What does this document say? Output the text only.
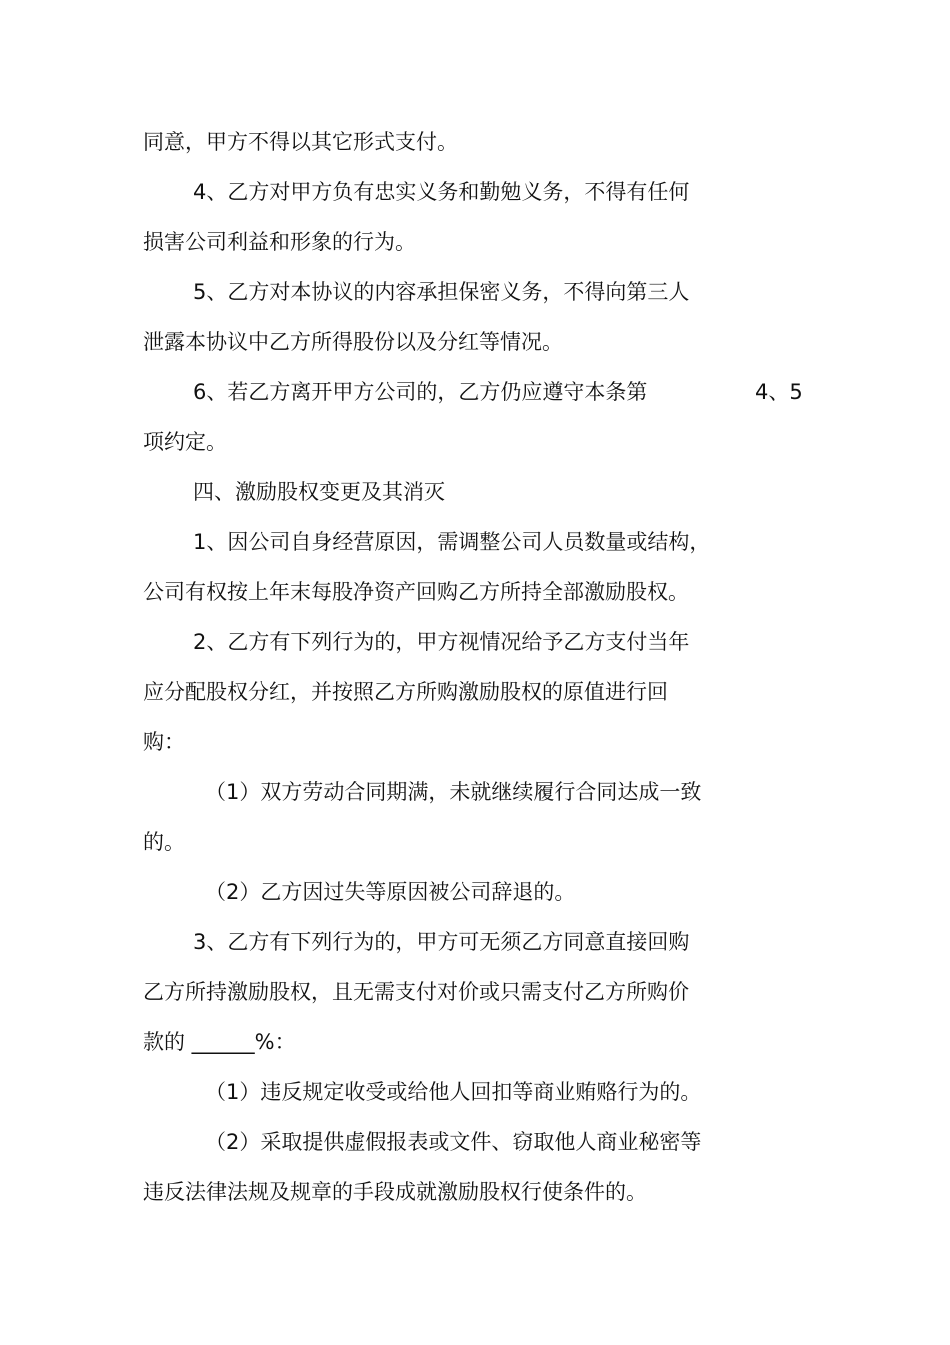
同意，甲方不得以其它形式支付。
4、乙方对甲方负有忠实义务和勤勉义务，不得有任何
损害公司利益和形象的行为。
5、乙方对本协议的内容承担保密义务，不得向第三人
泄露本协议中乙方所得股份以及分红等情况。
6、若乙方离开甲方公司的，乙方仍应遵守本条第	4、5
项约定。
四、激励股权变更及其消灭
1、因公司自身经营原因，需调整公司人员数量或结构，
公司有权按上年末每股净资产回购乙方所持全部激励股权。
2、乙方有下列行为的，甲方视情况给予乙方支付当年
应分配股权分红，并按照乙方所购激励股权的原值进行回
购：
（1）双方劳动合同期满，未就继续履行合同达成一致
的。
（2）乙方因过失等原因被公司辞退的。
3、乙方有下列行为的，甲方可无须乙方同意直接回购
乙方所持激励股权，且无需支付对价或只需支付乙方所购价
款的 ______%：
（1）违反规定收受或给他人回扣等商业贿赂行为的。
（2）采取提供虚假报表或文件、窃取他人商业秘密等
违反法律法规及规章的手段成就激励股权行使条件的。
